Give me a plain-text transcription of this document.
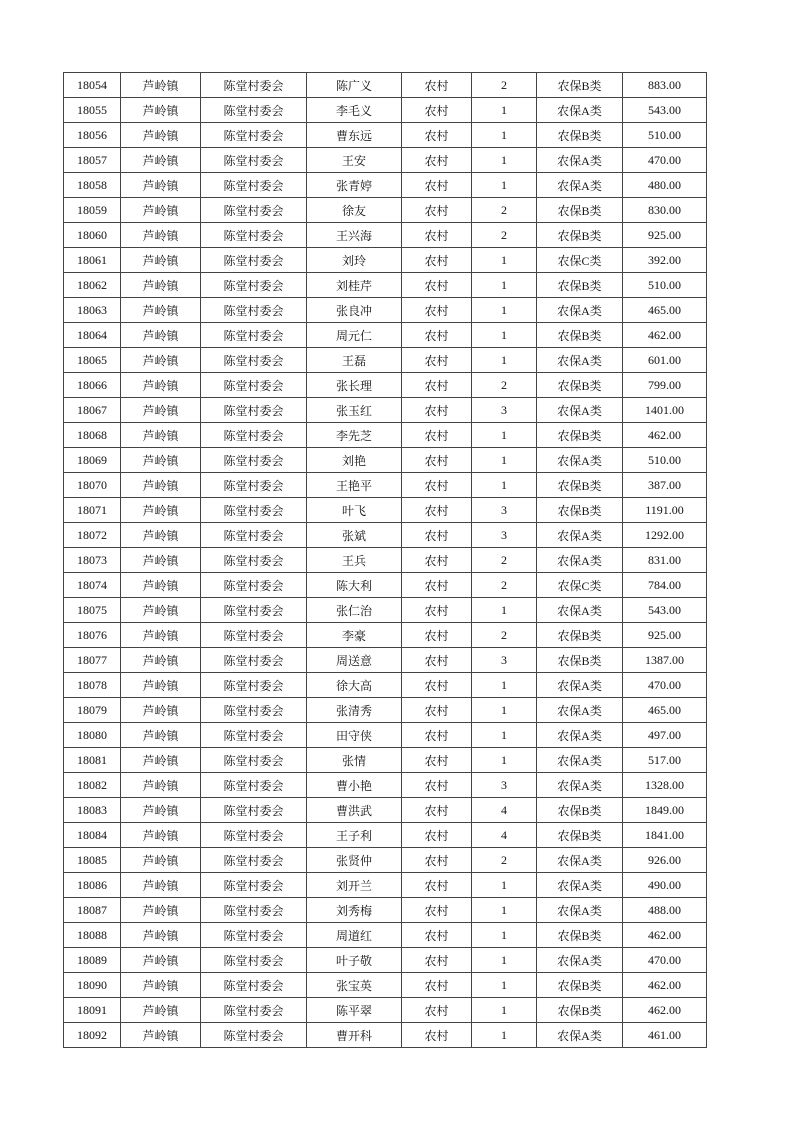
18054	芦岭镇	陈堂村委会	陈广义	农村	2	农保B类	883.00
18055	芦岭镇	陈堂村委会	李毛义	农村	1	农保A类	543.00
18056	芦岭镇	陈堂村委会	曹东远	农村	1	农保B类	510.00
18057	芦岭镇	陈堂村委会	王安	农村	1	农保A类	470.00
18058	芦岭镇	陈堂村委会	张青婷	农村	1	农保A类	480.00
18059	芦岭镇	陈堂村委会	徐友	农村	2	农保B类	830.00
18060	芦岭镇	陈堂村委会	王兴海	农村	2	农保B类	925.00
18061	芦岭镇	陈堂村委会	刘玲	农村	1	农保C类	392.00
18062	芦岭镇	陈堂村委会	刘桂芹	农村	1	农保B类	510.00
18063	芦岭镇	陈堂村委会	张良冲	农村	1	农保A类	465.00
18064	芦岭镇	陈堂村委会	周元仁	农村	1	农保B类	462.00
18065	芦岭镇	陈堂村委会	王磊	农村	1	农保A类	601.00
18066	芦岭镇	陈堂村委会	张长理	农村	2	农保B类	799.00
18067	芦岭镇	陈堂村委会	张玉红	农村	3	农保A类	1401.00
18068	芦岭镇	陈堂村委会	李先芝	农村	1	农保B类	462.00
18069	芦岭镇	陈堂村委会	刘艳	农村	1	农保A类	510.00
18070	芦岭镇	陈堂村委会	王艳平	农村	1	农保B类	387.00
18071	芦岭镇	陈堂村委会	叶飞	农村	3	农保B类	1191.00
18072	芦岭镇	陈堂村委会	张斌	农村	3	农保A类	1292.00
18073	芦岭镇	陈堂村委会	王兵	农村	2	农保A类	831.00
18074	芦岭镇	陈堂村委会	陈大利	农村	2	农保C类	784.00
18075	芦岭镇	陈堂村委会	张仁治	农村	1	农保A类	543.00
18076	芦岭镇	陈堂村委会	李豪	农村	2	农保B类	925.00
18077	芦岭镇	陈堂村委会	周送意	农村	3	农保B类	1387.00
18078	芦岭镇	陈堂村委会	徐大高	农村	1	农保A类	470.00
18079	芦岭镇	陈堂村委会	张清秀	农村	1	农保A类	465.00
18080	芦岭镇	陈堂村委会	田守侠	农村	1	农保A类	497.00
18081	芦岭镇	陈堂村委会	张情	农村	1	农保A类	517.00
18082	芦岭镇	陈堂村委会	曹小艳	农村	3	农保A类	1328.00
18083	芦岭镇	陈堂村委会	曹洪武	农村	4	农保B类	1849.00
18084	芦岭镇	陈堂村委会	王子利	农村	4	农保B类	1841.00
18085	芦岭镇	陈堂村委会	张贤仲	农村	2	农保A类	926.00
18086	芦岭镇	陈堂村委会	刘开兰	农村	1	农保A类	490.00
18087	芦岭镇	陈堂村委会	刘秀梅	农村	1	农保A类	488.00
18088	芦岭镇	陈堂村委会	周道红	农村	1	农保B类	462.00
18089	芦岭镇	陈堂村委会	叶子敬	农村	1	农保A类	470.00
18090	芦岭镇	陈堂村委会	张宝英	农村	1	农保B类	462.00
18091	芦岭镇	陈堂村委会	陈平翠	农村	1	农保B类	462.00
18092	芦岭镇	陈堂村委会	曹开科	农村	1	农保A类	461.00
